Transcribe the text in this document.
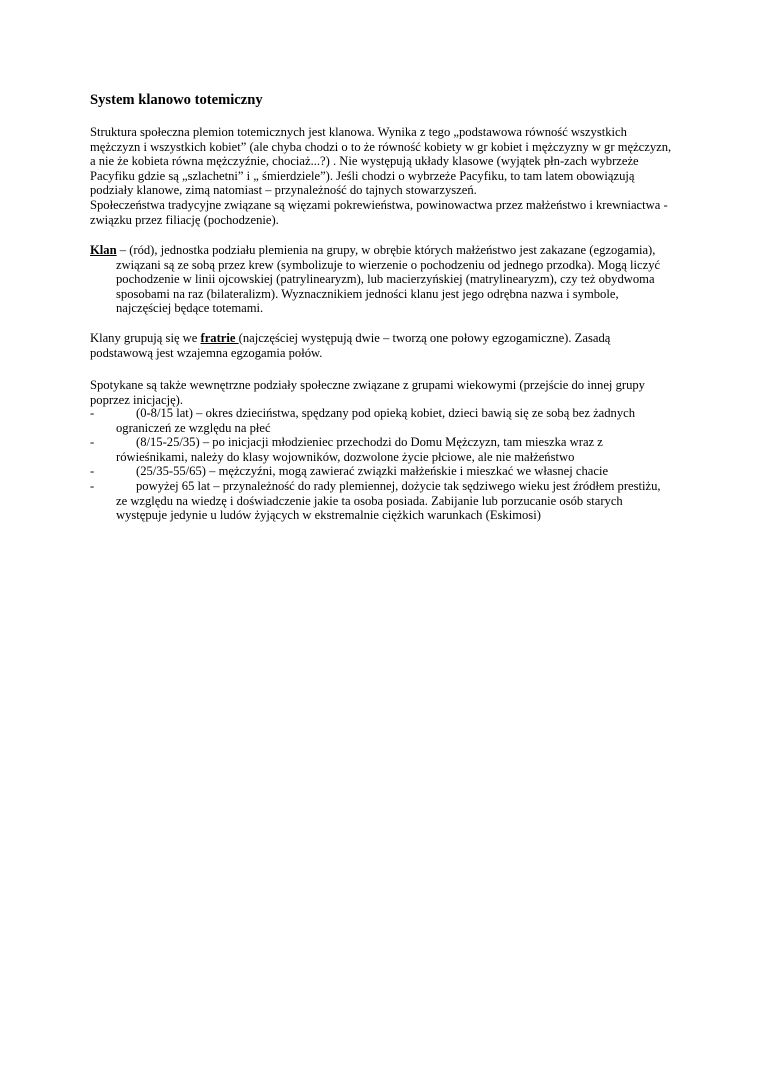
System klanowo totemiczny

Struktura społeczna plemion totemicznych jest klanowa. Wynika z tego „podstawowa równość wszystkich mężczyzn i wszystkich kobiet” (ale chyba chodzi o to że równość kobiety w gr kobiet i mężczyzny w gr mężczyzn, a nie że kobieta równa mężczyźnie, chociaż...?) . Nie występują układy klasowe (wyjątek płn-zach wybrzeże Pacyfiku gdzie są „szlachetni” i „ śmierdziele”). Jeśli chodzi o wybrzeże Pacyfiku, to tam latem obowiązują podziały klanowe, zimą natomiast – przynależność do tajnych stowarzyszeń.

Społeczeństwa tradycyjne związane są więzami pokrewieństwa, powinowactwa przez małżeństwo i krewniactwa - związku przez filiację (pochodzenie).

Klan – (ród), jednostka podziału plemienia na grupy, w obrębie których małżeństwo jest zakazane (egzogamia), związani są ze sobą przez krew (symbolizuje to wierzenie o pochodzeniu od jednego przodka). Mogą liczyć pochodzenie w linii ojcowskiej (patrylinearyzm), lub macierzyńskiej (matrylinearyzm), czy też obydwoma sposobami na raz (bilateralizm). Wyznacznikiem jedności klanu jest jego odrębna nazwa i symbole, najczęściej będące totemami.

Klany grupują się we fratrie (najczęściej występują dwie – tworzą one połowy egzogamiczne). Zasadą podstawową jest wzajemna egzogamia połów.

Spotykane są także wewnętrzne podziały społeczne związane z grupami wiekowymi (przejście do innej grupy poprzez inicjację).

-	(0-8/15 lat) – okres dzieciństwa, spędzany pod opieką kobiet, dzieci bawią się ze sobą bez żadnych ograniczeń ze względu na płeć
-	(8/15-25/35) – po inicjacji młodzieniec przechodzi do Domu Mężczyzn, tam mieszka wraz z rówieśnikami, należy do klasy wojowników, dozwolone życie płciowe, ale nie małżeństwo
-	(25/35-55/65) – mężczyźni, mogą zawierać związki małżeńskie i mieszkać we własnej chacie
-	powyżej 65 lat – przynależność do rady plemiennej, dożycie tak sędziwego wieku jest źródłem prestiżu, ze względu na wiedzę i doświadczenie jakie ta osoba posiada. Zabijanie lub porzucanie osób starych występuje jedynie u ludów żyjących w ekstremalnie ciężkich warunkach (Eskimosi)
